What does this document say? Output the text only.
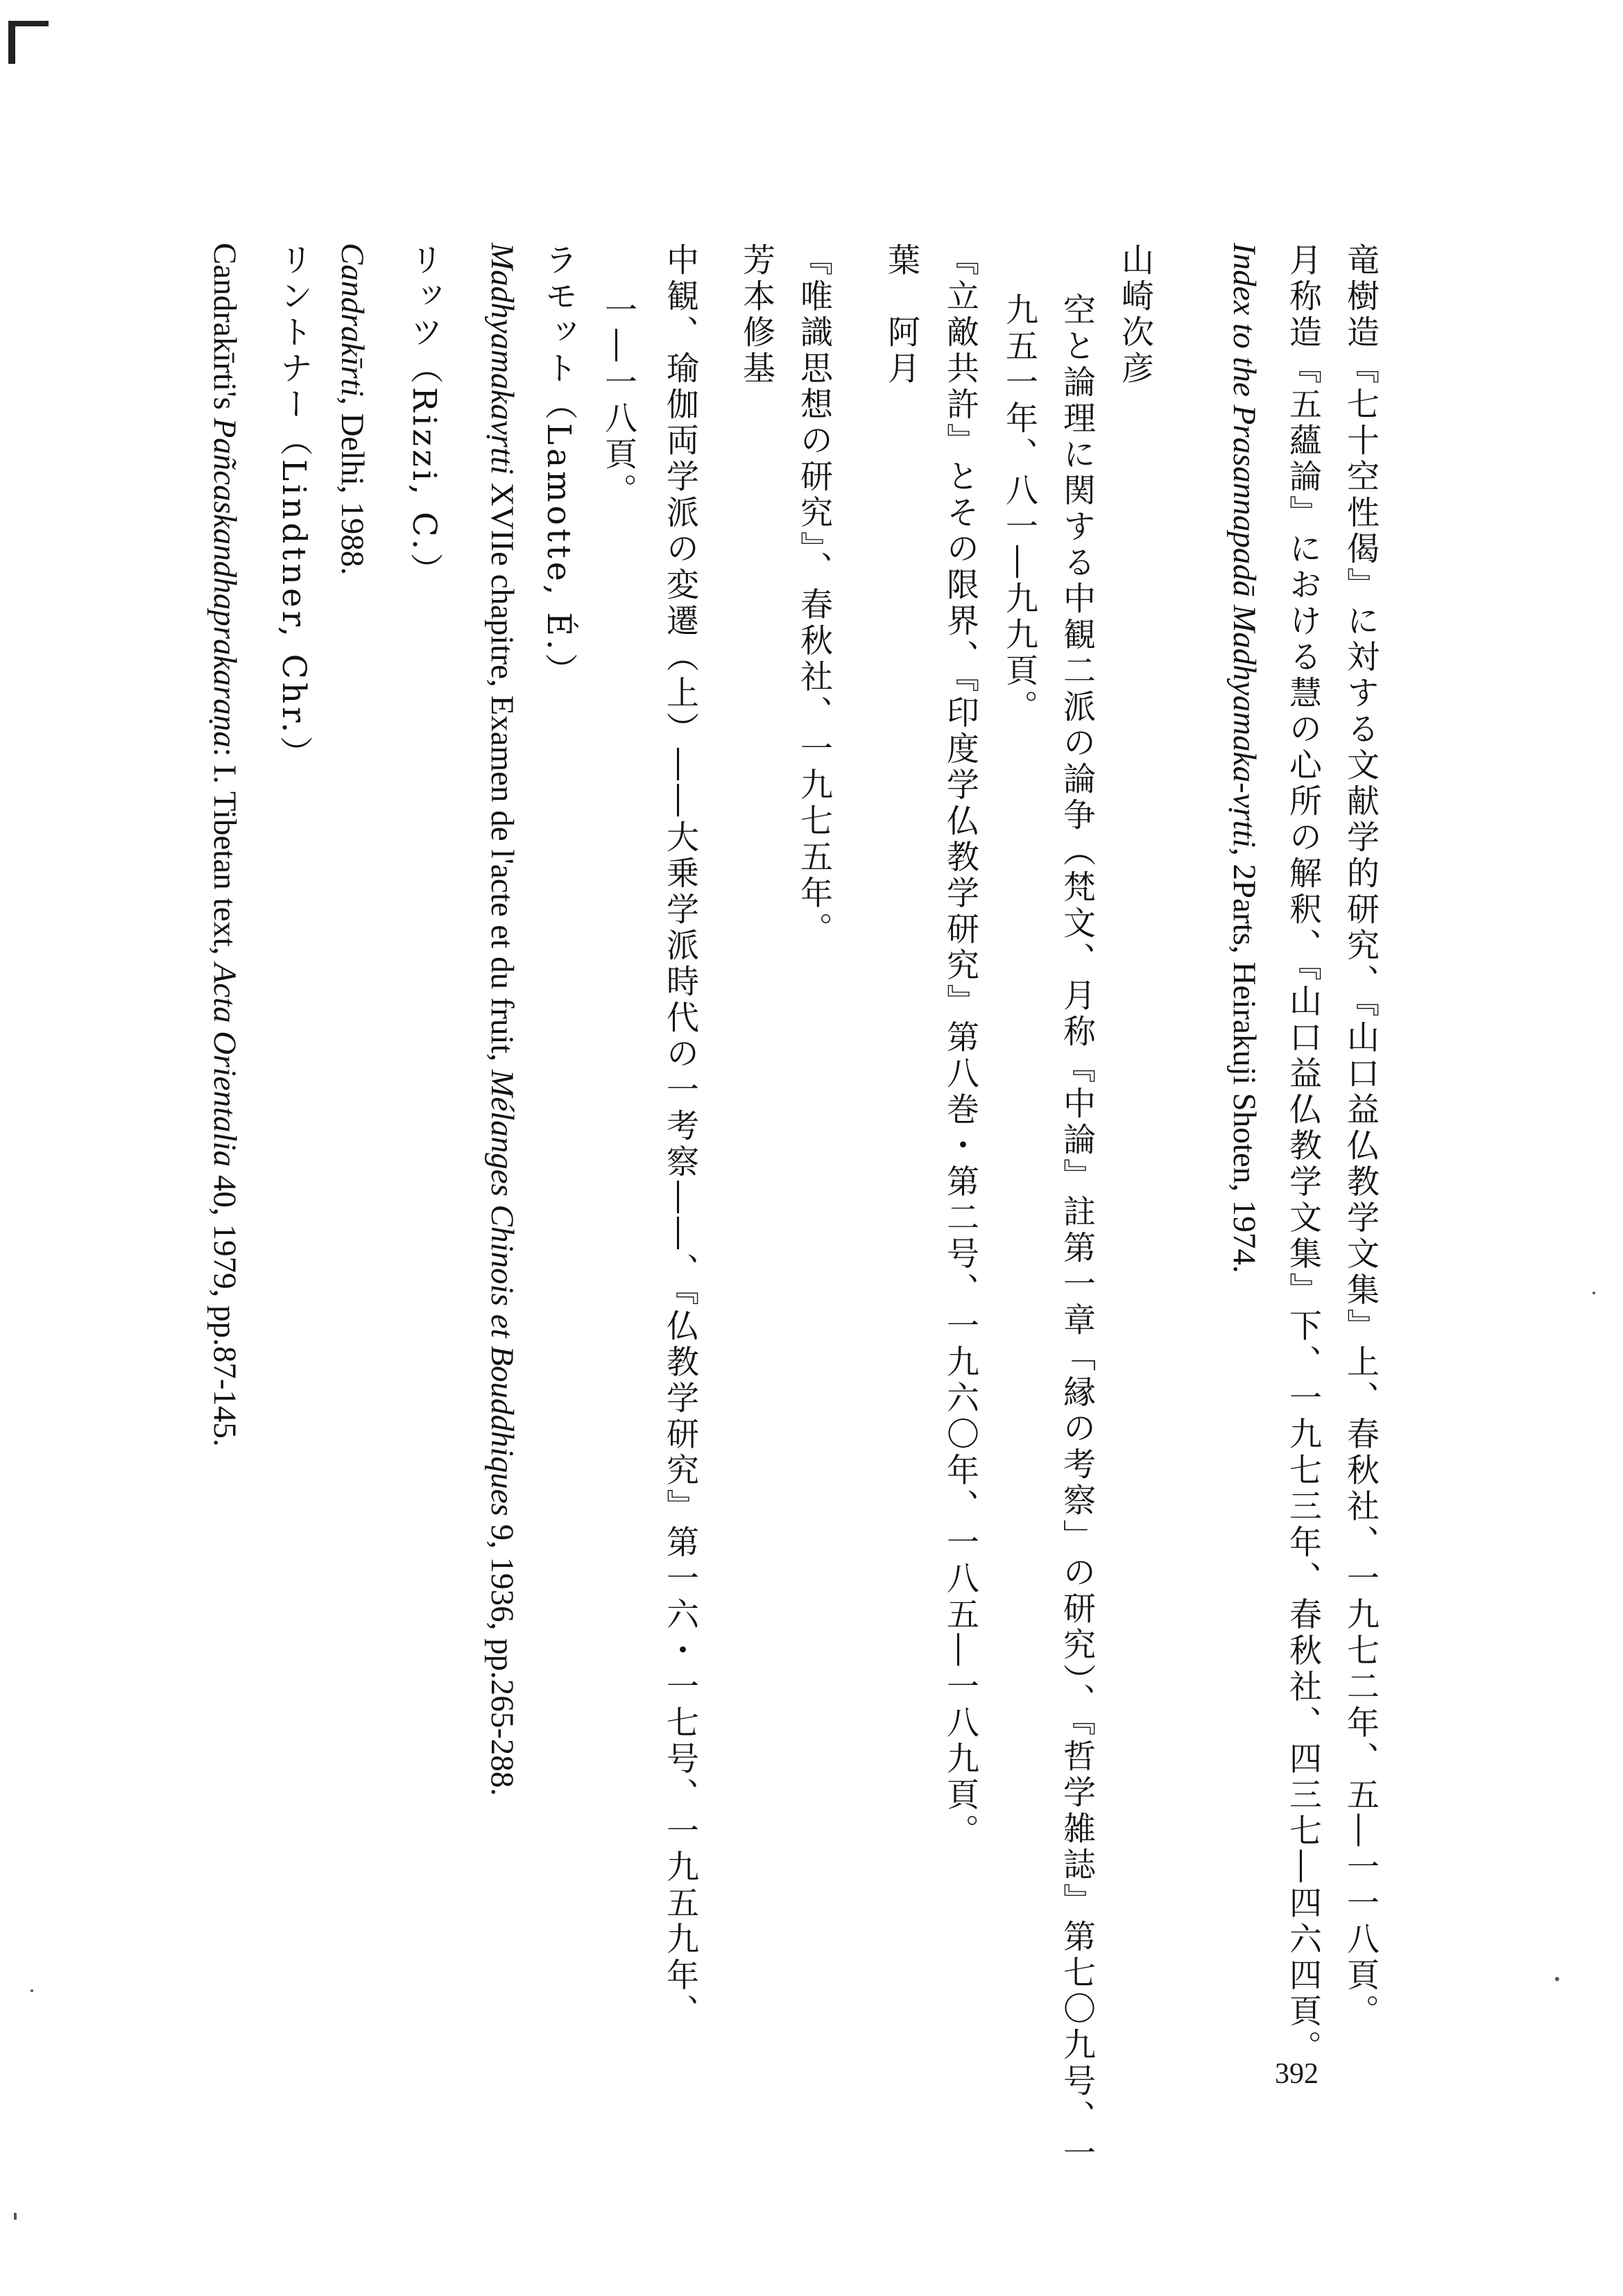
竜樹造『七十空性偈』に対する文献学的研究、『山口益仏教学文集』上、春秋社、一九七二年、五―一一八頁。
月称造『五蘊論』における慧の心所の解釈、『山口益仏教学文集』下、一九七三年、春秋社、四三七―四六四頁。
Index to the Prasannapadā Madhyamaka-vṛtti, 2Parts, Heirakuji Shoten, 1974.
山崎次彦
空と論理に関する中観二派の論争（梵文、月称『中論』註第一章「縁の考察」の研究）、『哲学雑誌』第七〇九号、一
九五一年、八一―九九頁。
『立敵共許』とその限界、『印度学仏教学研究』第八巻・第二号、一九六〇年、一八五―一八九頁。
葉　阿月
『唯識思想の研究』、春秋社、一九七五年。
芳本修基
中観、瑜伽両学派の変遷（上）――大乗学派時代の一考察――、『仏教学研究』第一六・一七号、一九五九年、
一―一八頁。
ラモット（Lamotte, É.）
Madhyamakavṛtti XVIIe chapitre, Examen de l'acte et du fruit, Mélanges Chinois et Bouddhiques 9, 1936, pp.265-288.
リッツ（Rizzi, C.）
Candrakīrti, Delhi, 1988.
リントナー（Lindtner, Chr.）
Candrakīrti's Pañcaskandhaprakaraṇa: I. Tibetan text, Acta Orientalia 40, 1979, pp.87-145.
392
